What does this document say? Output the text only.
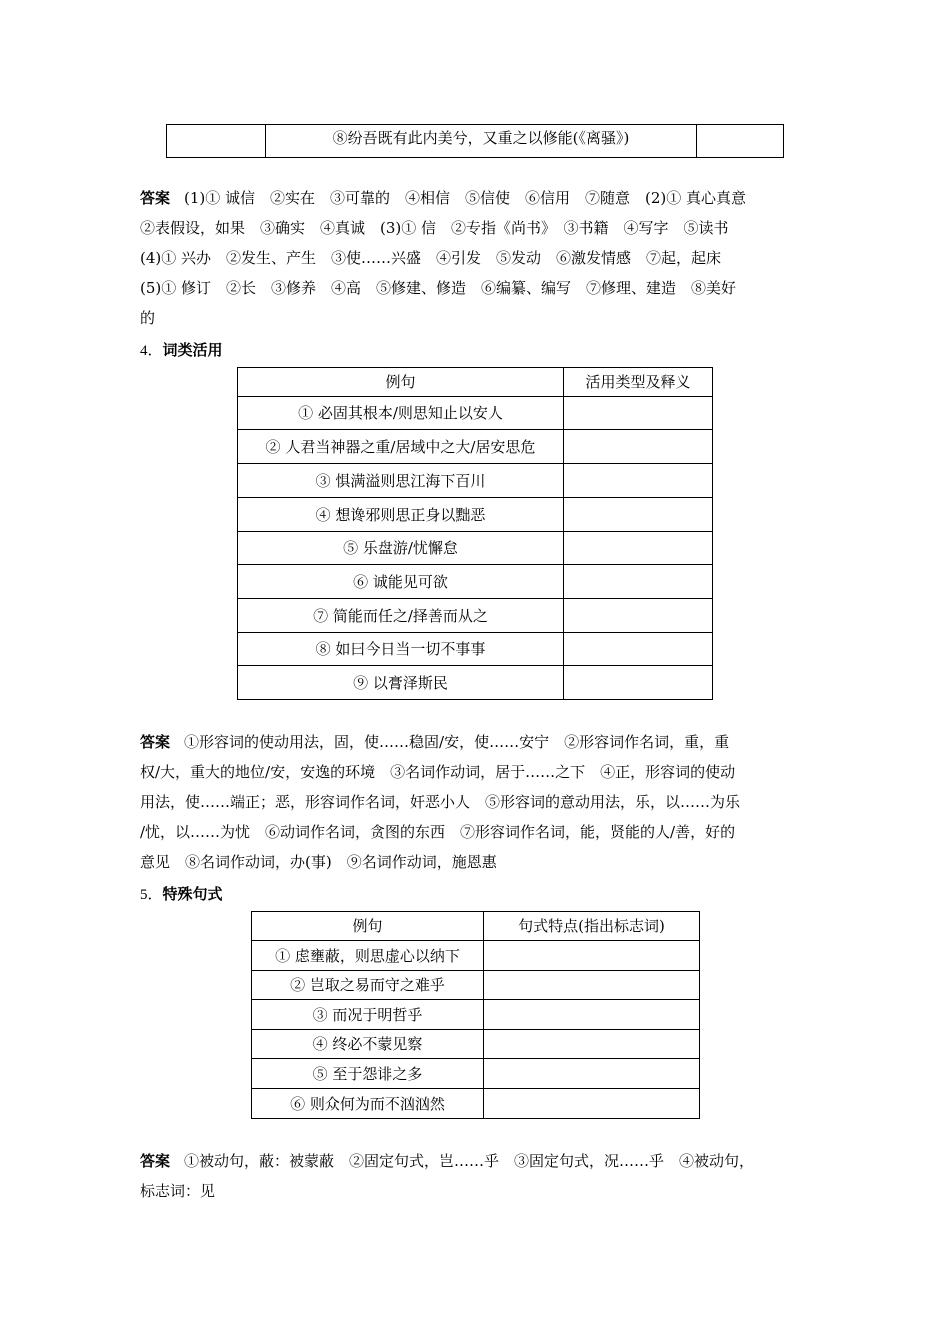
	⑧纷吾既有此内美兮，又重之以修能(《离骚》)	
答案 (1)① 诚信　②实在　③可靠的　④相信　⑤信使　⑥信用　⑦随意　(2)① 真心真意
②表假设，如果　③确实　④真诚　(3)① 信　②专指《尚书》　③书籍　④写字　⑤读书
(4)① 兴办　②发生、产生　③使……兴盛　④引发　⑤发动　⑥激发情感　⑦起，起床
(5)① 修订　②长　③修养　④高　⑤修建、修造　⑥编纂、编写　⑦修理、建造　⑧美好
的
4．词类活用
例句	活用类型及释义
① 必固其根本/则思知止以安人	
② 人君当神器之重/居域中之大/居安思危	
③ 惧满溢则思江海下百川	
④ 想谗邪则思正身以黜恶	
⑤ 乐盘游/忧懈怠	
⑥ 诚能见可欲	
⑦ 简能而任之/择善而从之	
⑧ 如曰今日当一切不事事	
⑨ 以膏泽斯民	
答案 ①形容词的使动用法，固，使……稳固/安，使……安宁　②形容词作名词，重，重
权/大，重大的地位/安，安逸的环境　③名词作动词，居于……之下　④正，形容词的使动
用法，使……端正；恶，形容词作名词，奸恶小人　⑤形容词的意动用法，乐，以……为乐
/忧，以……为忧　⑥动词作名词，贪图的东西　⑦形容词作名词，能，贤能的人/善，好的
意见　⑧名词作动词，办(事)　⑨名词作动词，施恩惠
5．特殊句式
例句	句式特点(指出标志词)
① 虑壅蔽，则思虚心以纳下	
② 岂取之易而守之难乎	
③ 而况于明哲乎	
④ 终必不蒙见察	
⑤ 至于怨诽之多	
⑥ 则众何为而不汹汹然	
答案 ①被动句，蔽：被蒙蔽　②固定句式，岂……乎　③固定句式，况……乎　④被动句，
标志词：见
